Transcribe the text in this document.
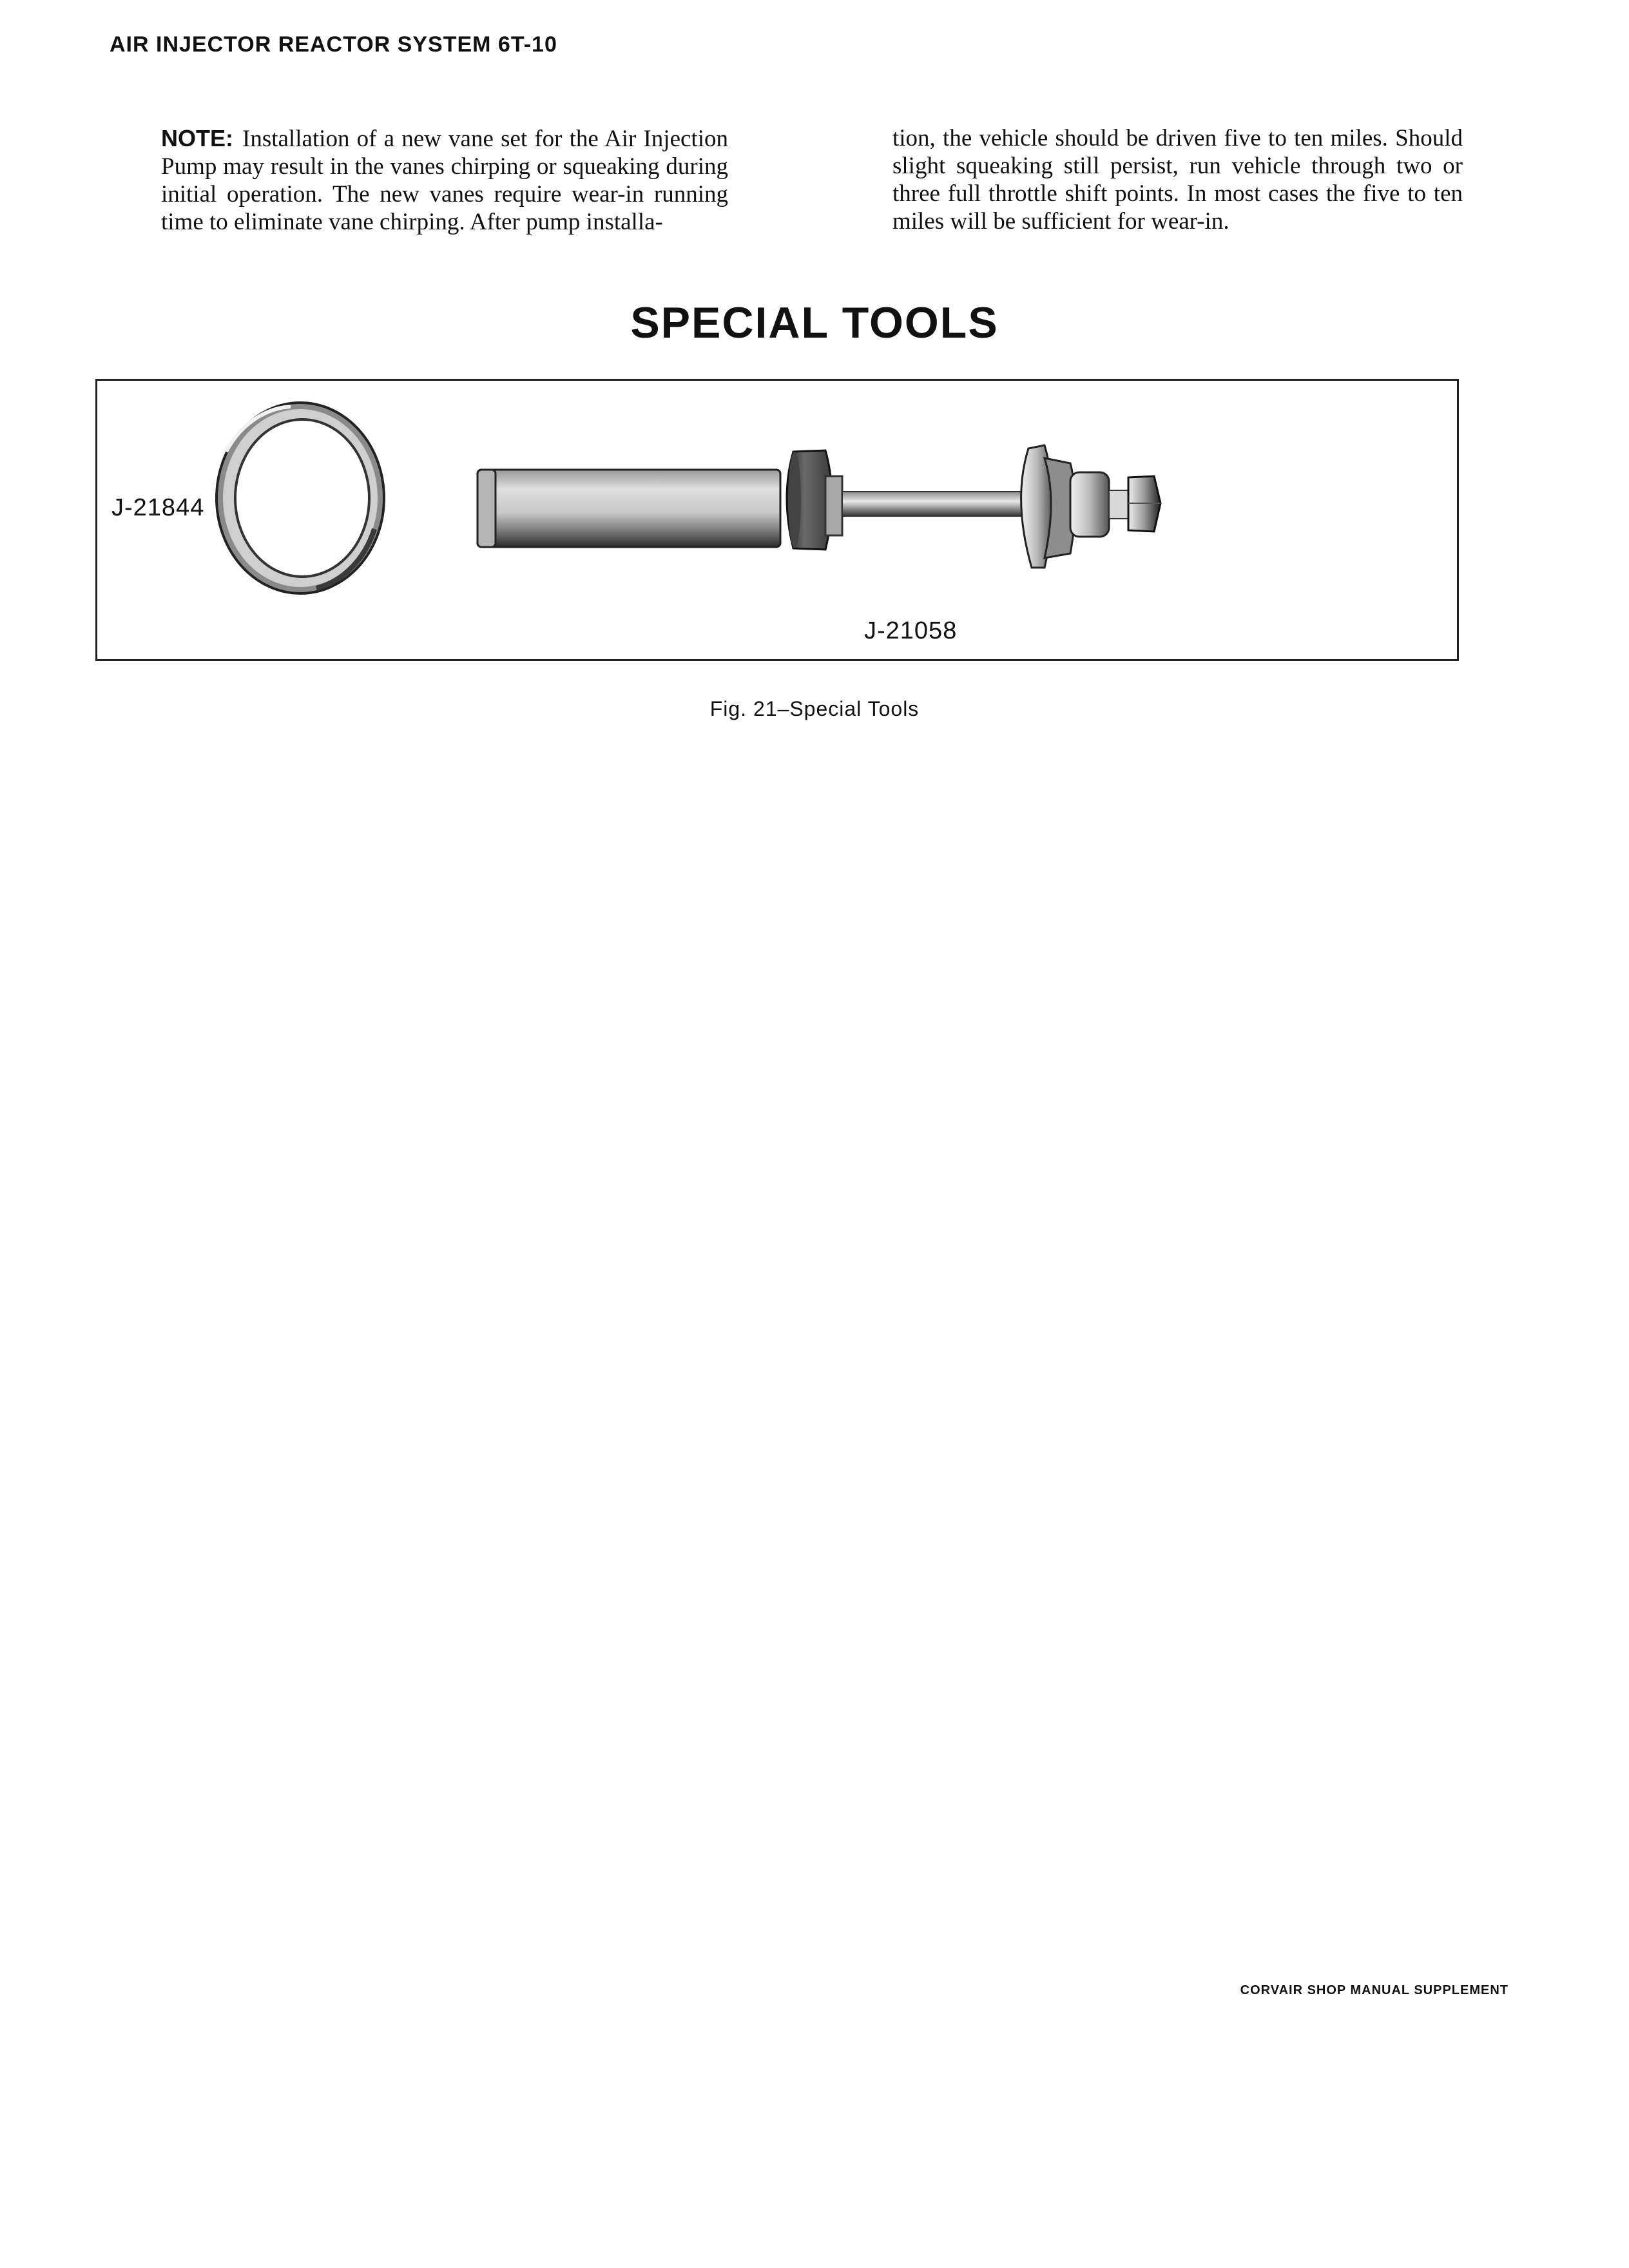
AIR INJECTOR REACTOR SYSTEM 6T-10
NOTE: Installation of a new vane set for the Air Injection Pump may result in the vanes chirping or squeaking during initial operation. The new vanes require wear-in running time to eliminate vane chirping. After pump installa-
tion, the vehicle should be driven five to ten miles. Should slight squeaking still persist, run vehicle through two or three full throttle shift points. In most cases the five to ten miles will be sufficient for wear-in.
SPECIAL TOOLS
J-21844
J-21058
Fig. 21–Special Tools
CORVAIR SHOP MANUAL SUPPLEMENT
